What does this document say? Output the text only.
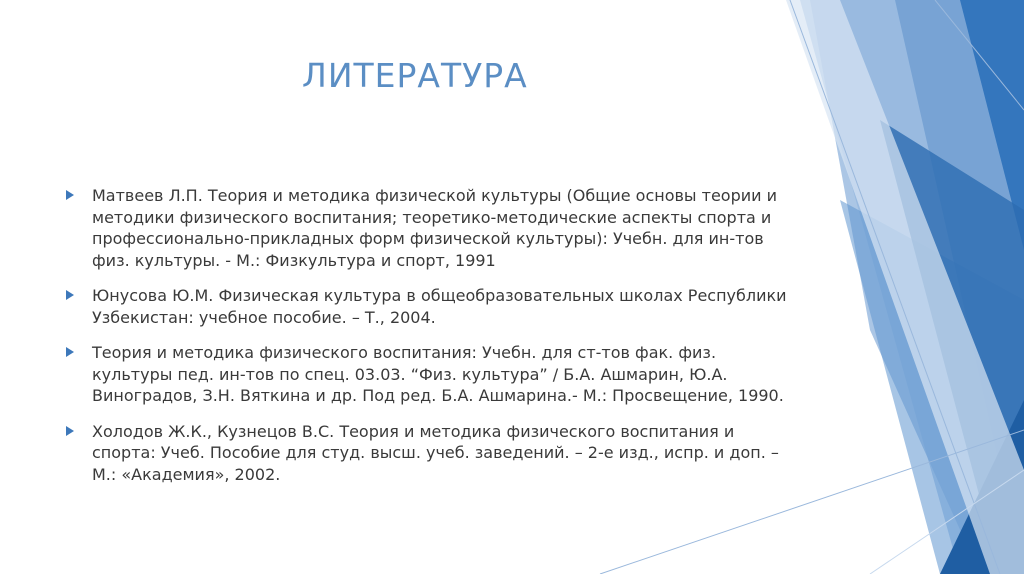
ЛИТЕРАТУРА
Матвеев Л.П. Теория и методика физической культуры (Общие основы теории и методики физического воспитания; теоретико-методические аспекты спорта и профессионально-прикладных форм физической культуры): Учебн. для ин-тов физ. культуры. - М.: Физкультура и спорт, 1991
Юнусова Ю.М. Физическая культура в общеобразовательных школах Республики Узбекистан: учебное пособие. – Т., 2004.
Теория и методика физического воспитания: Учебн. для ст-тов фак. физ. культуры пед. ин-тов по спец. 03.03. “Физ. культура” / Б.А. Ашмарин, Ю.А. Виноградов, З.Н. Вяткина и др. Под ред. Б.А. Ашмарина.- М.: Просвещение, 1990.
Холодов Ж.К., Кузнецов В.С. Теория и методика физического воспитания и спорта: Учеб. Пособие для студ. высш. учеб. заведений. – 2-е изд., испр. и доп. – М.: «Академия», 2002.
